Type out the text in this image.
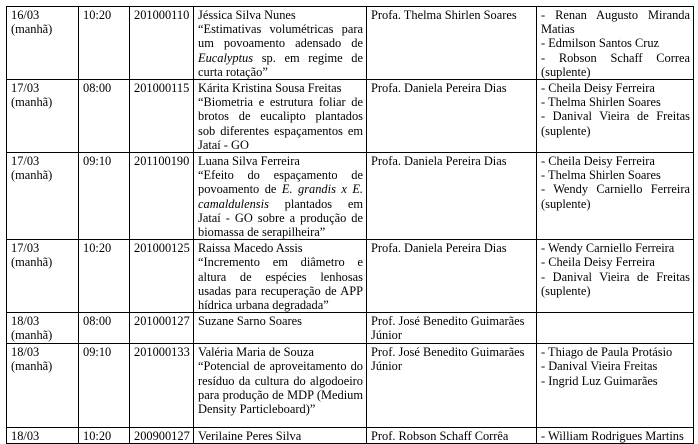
16/03
(manhã)	10:20	201000110	Jéssica Silva Nunes
“Estimativas volumétricas para um povoamento adensado de Eucalyptus sp. em regime de curta rotação”	Profa. Thelma Shirlen Soares	- Renan Augusto Miranda Matias
- Edmilson Santos Cruz
- Robson Schaff Correa (suplente)

17/03
(manhã)	08:00	201000115	Kárita Kristina Sousa Freitas
“Biometria e estrutura foliar de brotos de eucalipto plantados sob diferentes espaçamentos em Jataí - GO	Profa. Daniela Pereira Dias	- Cheila Deisy Ferreira
- Thelma Shirlen Soares
- Danival Vieira de Freitas (suplente)

17/03
(manhã)	09:10	201100190	Luana Silva Ferreira
“Efeito do espaçamento de povoamento de E. grandis x E. camaldulensis plantados em Jataí - GO sobre a produção de biomassa de serapilheira”	Profa. Daniela Pereira Dias	- Cheila Deisy Ferreira
- Thelma Shirlen Soares
- Wendy Carniello Ferreira (suplente)

17/03
(manhã)	10:20	201000125	Raissa Macedo Assis
“Incremento em diâmetro e altura de espécies lenhosas usadas para recuperação de APP hídrica urbana degradada”	Profa. Daniela Pereira Dias	- Wendy Carniello Ferreira
- Cheila Deisy Ferreira
- Danival Vieira de Freitas (suplente)

18/03
(manhã)	08:00	201000127	Suzane Sarno Soares	Prof. José Benedito Guimarães Júnior	

18/03
(manhã)	09:10	201000133	Valéria Maria de Souza
“Potencial de aproveitamento do resíduo da cultura do algodoeiro para produção de MDP (Medium Density Particleboard)”	Prof. José Benedito Guimarães Júnior	- Thiago de Paula Protásio
- Danival Vieira Freitas
- Ingrid Luz Guimarães

18/03	10:20	200900127	Verilaine Peres Silva	Prof. Robson Schaff Corrêa	- William Rodrigues Martins
